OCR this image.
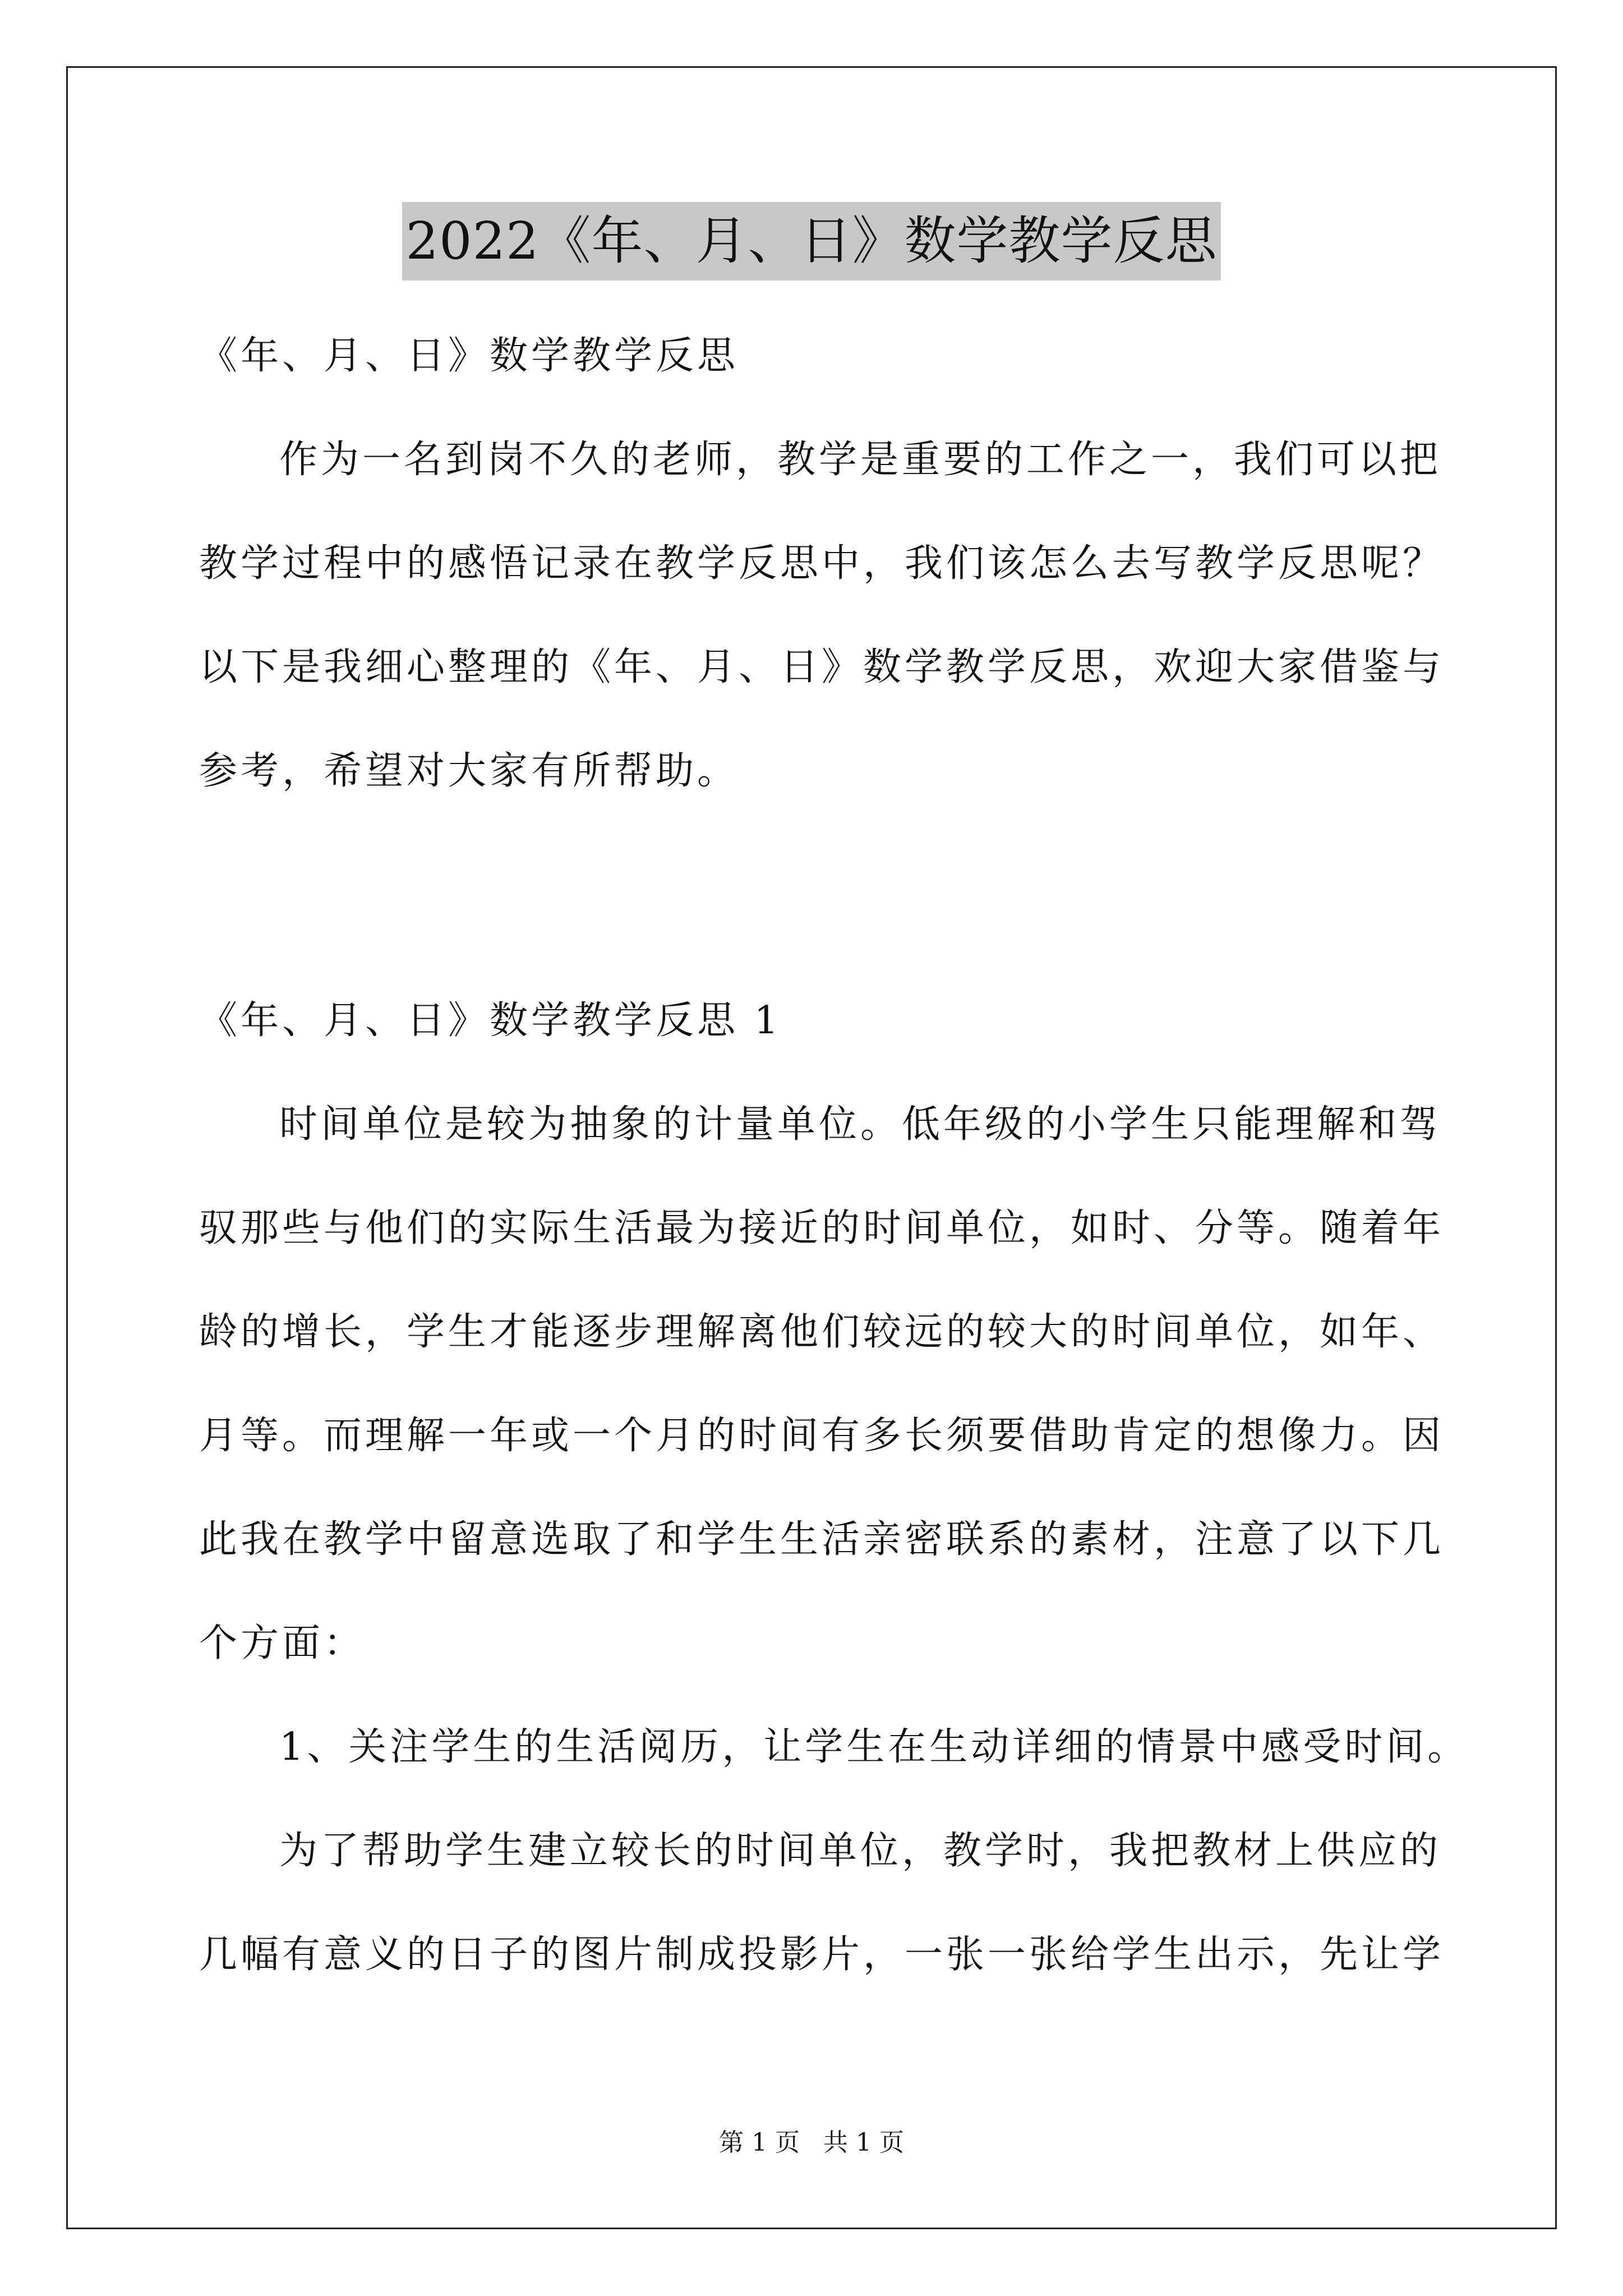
2022《年、月、日》数学教学反思
《年、月、日》数学教学反思
作为一名到岗不久的老师，教学是重要的工作之一，我们可以把
教学过程中的感悟记录在教学反思中，我们该怎么去写教学反思呢？
以下是我细心整理的《年、月、日》数学教学反思，欢迎大家借鉴与
参考，希望对大家有所帮助。
《年、月、日》数学教学反思 1
时间单位是较为抽象的计量单位。低年级的小学生只能理解和驾
驭那些与他们的实际生活最为接近的时间单位，如时、分等。随着年
龄的增长，学生才能逐步理解离他们较远的较大的时间单位，如年、
月等。而理解一年或一个月的时间有多长须要借助肯定的想像力。因
此我在教学中留意选取了和学生生活亲密联系的素材，注意了以下几
个方面：
1、关注学生的生活阅历，让学生在生动详细的情景中感受时间。
为了帮助学生建立较长的时间单位，教学时，我把教材上供应的
几幅有意义的日子的图片制成投影片，一张一张给学生出示，先让学
第 1 页   共 1 页
